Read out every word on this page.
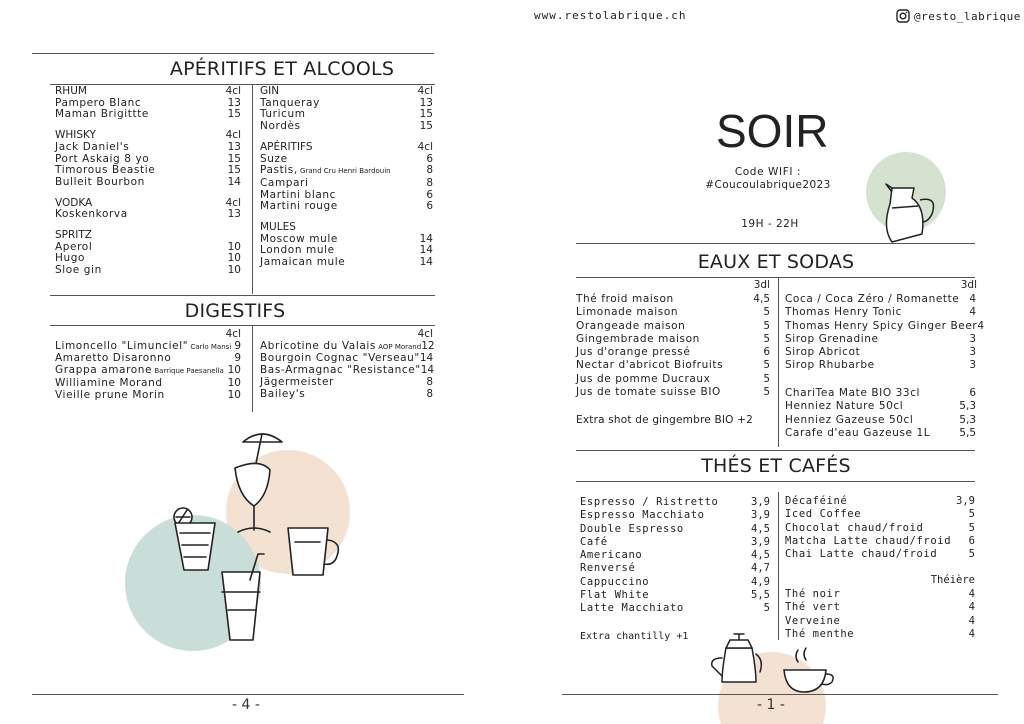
www.restolabrique.ch	@resto_labrique
APÉRITIFS ET ALCOOLS
RHUM	4cl
Pampero Blanc	13
Maman Brigittte	15
WHISKY	4cl
Jack Daniel's	13
Port Askaig 8 yo	15
Timorous Beastie	15
Bulleit Bourbon	14
VODKA	4cl
Koskenkorva	13
SPRITZ
Aperol	10
Hugo	10
Sloe gin	10
GIN	4cl
Tanqueray	13
Turicum	15
Nordès	15
APÉRITIFS	4cl
Suze	6
Pastis, Grand Cru Henri Bardouin	8
Campari	8
Martini blanc	6
Martini rouge	6
MULES
Moscow mule	14
London mule	14
Jamaican mule	14
DIGESTIFS
4cl
Limoncello "Limunciel" Carlo Mansi 9
Amaretto Disaronno	9
Grappa amarone Barrique Paesanella 10
Williamine Morand	10
Vieille prune Morin	10
4cl
Abricotine du Valais AOP Morand 12
Bourgoin Cognac "Verseau" 14
Bas-Armagnac "Resistance" 14
Jägermeister	8
Bailey's	8
- 4 -
SOIR
Code WIFI :
#Coucoulabrique2023
19H - 22H
EAUX ET SODAS
3dl
Thé froid maison	4,5
Limonade maison	5
Orangeade maison	5
Gingembrade maison	5
Jus d'orange pressé	6
Nectar d'abricot Biofruits	5
Jus de pomme Ducraux	5
Jus de tomate suisse BIO	5
Extra shot de gingembre BIO +2
3dl
Coca / Coca Zéro / Romanette 4
Thomas Henry Tonic	4
Thomas Henry Spicy Ginger Beer 4
Sirop Grenadine	3
Sirop Abricot	3
Sirop Rhubarbe	3
ChariTea Mate BIO 33cl	6
Henniez Nature 50cl	5,3
Henniez Gazeuse 50cl	5,3
Carafe d'eau Gazeuse 1L	5,5
THÉS ET CAFÉS
Espresso / Ristretto	3,9
Espresso Macchiato	3,9
Double Espresso	4,5
Café	3,9
Americano	4,5
Renversé	4,7
Cappuccino	4,9
Flat White	5,5
Latte Macchiato	5
Extra chantilly +1
Décaféiné	3,9
Iced Coffee	5
Chocolat chaud/froid	5
Matcha Latte chaud/froid 6
Chai Latte chaud/froid	5
Théière
Thé noir	4
Thé vert	4
Verveine	4
Thé menthe	4
- 1 -
